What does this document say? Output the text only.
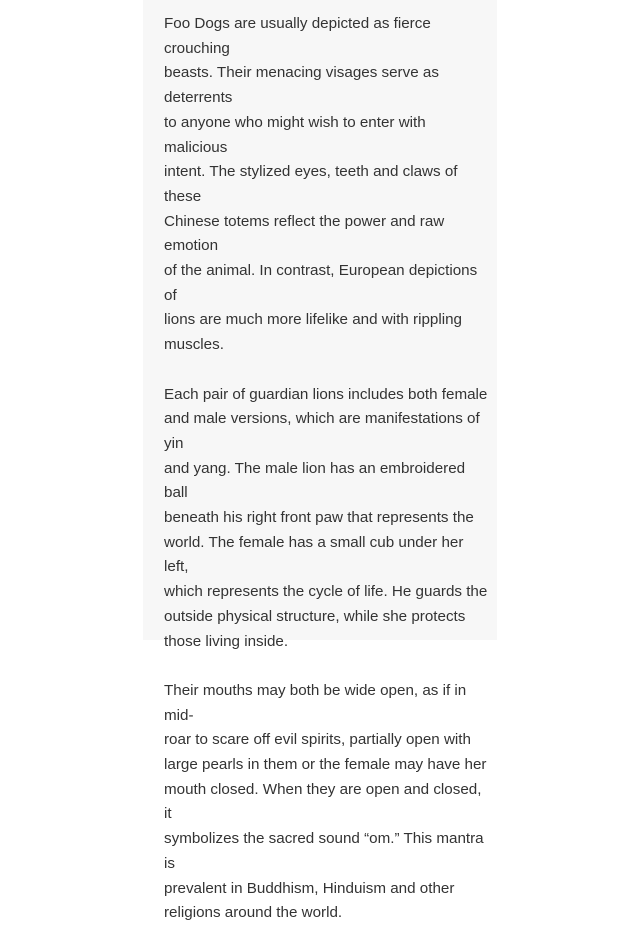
Foo Dogs are usually depicted as fierce crouching
beasts. Their menacing visages serve as deterrents
to anyone who might wish to enter with malicious
intent. The stylized eyes, teeth and claws of these
Chinese totems reflect the power and raw emotion
of the animal. In contrast, European depictions of
lions are much more lifelike and with rippling
muscles.

Each pair of guardian lions includes both female
and male versions, which are manifestations of yin
and yang. The male lion has an embroidered ball
beneath his right front paw that represents the
world. The female has a small cub under her left,
which represents the cycle of life. He guards the
outside physical structure, while she protects
those living inside.

Their mouths may both be wide open, as if in mid-
roar to scare off evil spirits, partially open with
large pearls in them or the female may have her
mouth closed. When they are open and closed, it
symbolizes the sacred sound “om.” This mantra is
prevalent in Buddhism, Hinduism and other
religions around the world.
